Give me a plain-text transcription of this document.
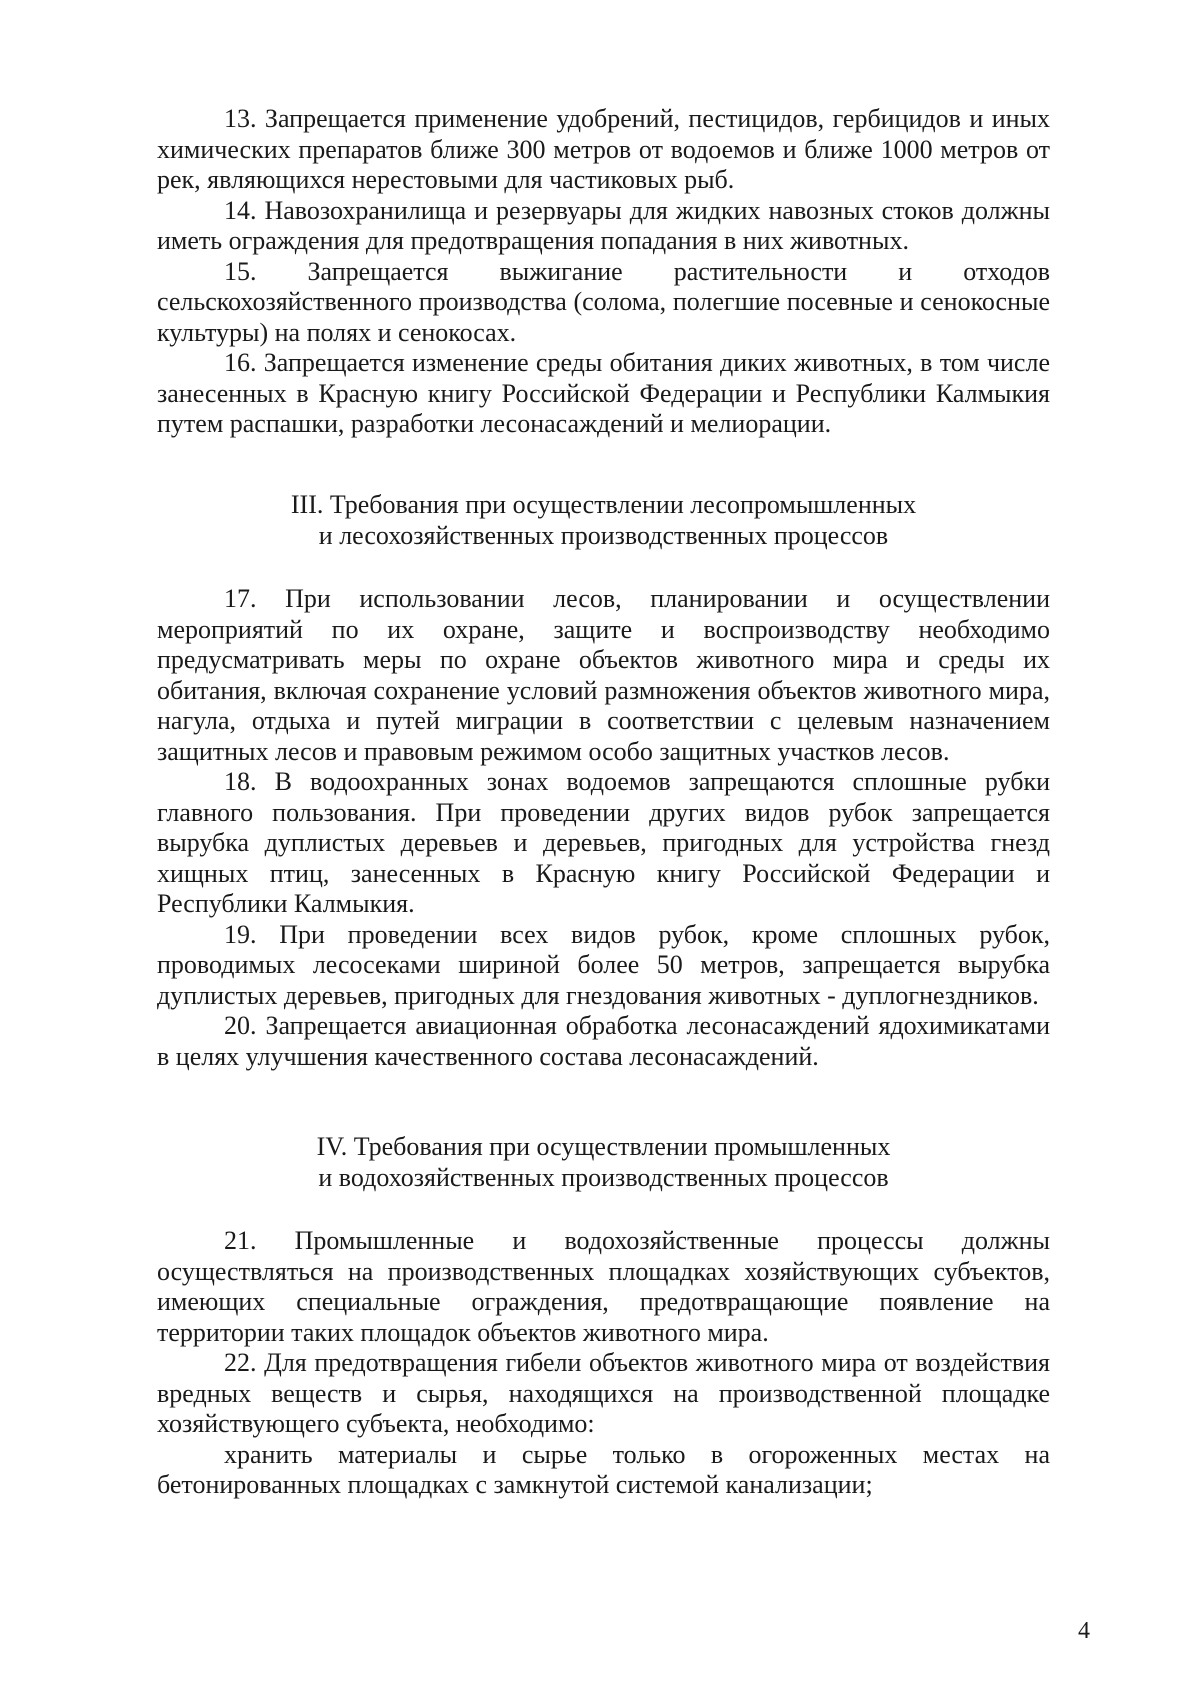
13. Запрещается применение удобрений, пестицидов, гербицидов и иных химических препаратов ближе 300 метров от водоемов и ближе 1000 метров от рек, являющихся нерестовыми для частиковых рыб.

14. Навозохранилища и резервуары для жидких навозных стоков должны иметь ограждения для предотвращения попадания в них животных.

15. Запрещается выжигание растительности и отходов сельскохозяйственного производства (солома, полегшие посевные и сенокосные культуры) на полях и сенокосах.

16. Запрещается изменение среды обитания диких животных, в том числе занесенных в Красную книгу Российской Федерации и Республики Калмыкия путем распашки, разработки лесонасаждений и мелиорации.

III. Требования при осуществлении лесопромышленных
и лесохозяйственных производственных процессов

17. При использовании лесов, планировании и осуществлении мероприятий по их охране, защите и воспроизводству необходимо предусматривать меры по охране объектов животного мира и среды их обитания, включая сохранение условий размножения объектов животного мира, нагула, отдыха и путей миграции в соответствии с целевым назначением защитных лесов и правовым режимом особо защитных участков лесов.

18. В водоохранных зонах водоемов запрещаются сплошные рубки главного пользования. При проведении других видов рубок запрещается вырубка дуплистых деревьев и деревьев, пригодных для устройства гнезд хищных птиц, занесенных в Красную книгу Российской Федерации и Республики Калмыкия.

19. При проведении всех видов рубок, кроме сплошных рубок, проводимых лесосеками шириной более 50 метров, запрещается вырубка дуплистых деревьев, пригодных для гнездования животных - дуплогнездников.

20. Запрещается авиационная обработка лесонасаждений ядохимикатами в целях улучшения качественного состава лесонасаждений.

IV. Требования при осуществлении промышленных
и водохозяйственных производственных процессов

21. Промышленные и водохозяйственные процессы должны осуществляться на производственных площадках хозяйствующих субъектов, имеющих специальные ограждения, предотвращающие появление на территории таких площадок объектов животного мира.

22. Для предотвращения гибели объектов животного мира от воздействия вредных веществ и сырья, находящихся на производственной площадке хозяйствующего субъекта, необходимо:

хранить материалы и сырье только в огороженных местах на бетонированных площадках с замкнутой системой канализации;

4
